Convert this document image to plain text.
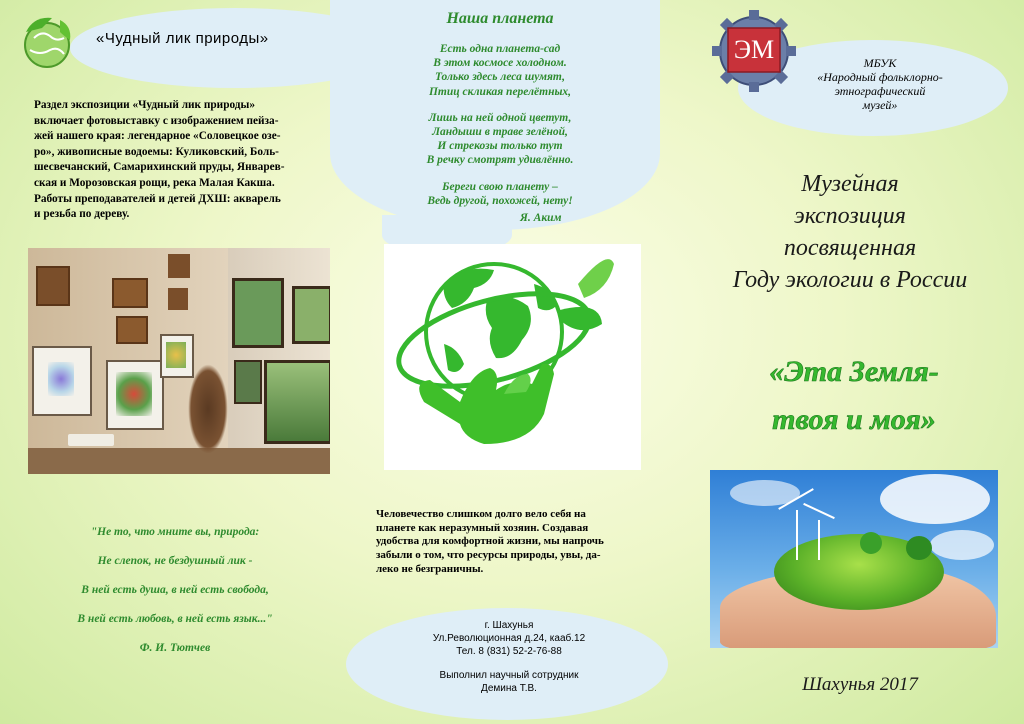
«Чудный лик природы»
Раздел экспозиции «Чудный лик природы»
включает фотовыставку с изображением пейза-
жей нашего края: легендарное «Соловецкое озе-
ро», живописные водоемы: Куликовский, Боль-
шесвечанский, Самарихинский пруды, Январев-
ская и Морозовская рощи, река Малая Какша.
Работы преподавателей и детей ДХШ: акварель
и резьба по дереву.
"Не то, что мните вы, природа:
Не слепок, не бездушный лик -
В ней есть душа, в ней есть свобода,
В ней есть любовь, в ней есть язык..."
Ф. И. Тютчев
Наша планета
Есть одна планета-сад
В этом космосе холодном.
Только здесь леса шумят,
Птиц скликая перелётных,
Лишь на ней одной цветут,
Ландыши в траве зелёной,
И стрекозы только тут
В речку смотрят удивлённо.
Береги свою планету –
Ведь другой, похожей, нету!
Я. Аким
Человечество слишком долго вело себя на
планете как неразумный хозяин. Создавая
удобства для комфортной жизни, мы напрочь
забыли о том, что ресурсы природы, увы, да-
леко не безграничны.
г. Шахунья
Ул.Революционная д.24, кааб.12
Тел. 8 (831) 52-2-76-88
Выполнил научный сотрудник
Демина Т.В.
ЭМ	МБУК
«Народный фольклорно-
этнографический
музей»
Музейная
экспозиция
посвященная
Году экологии в России
«Эта Земля-
твоя и моя»
Шахунья 2017
